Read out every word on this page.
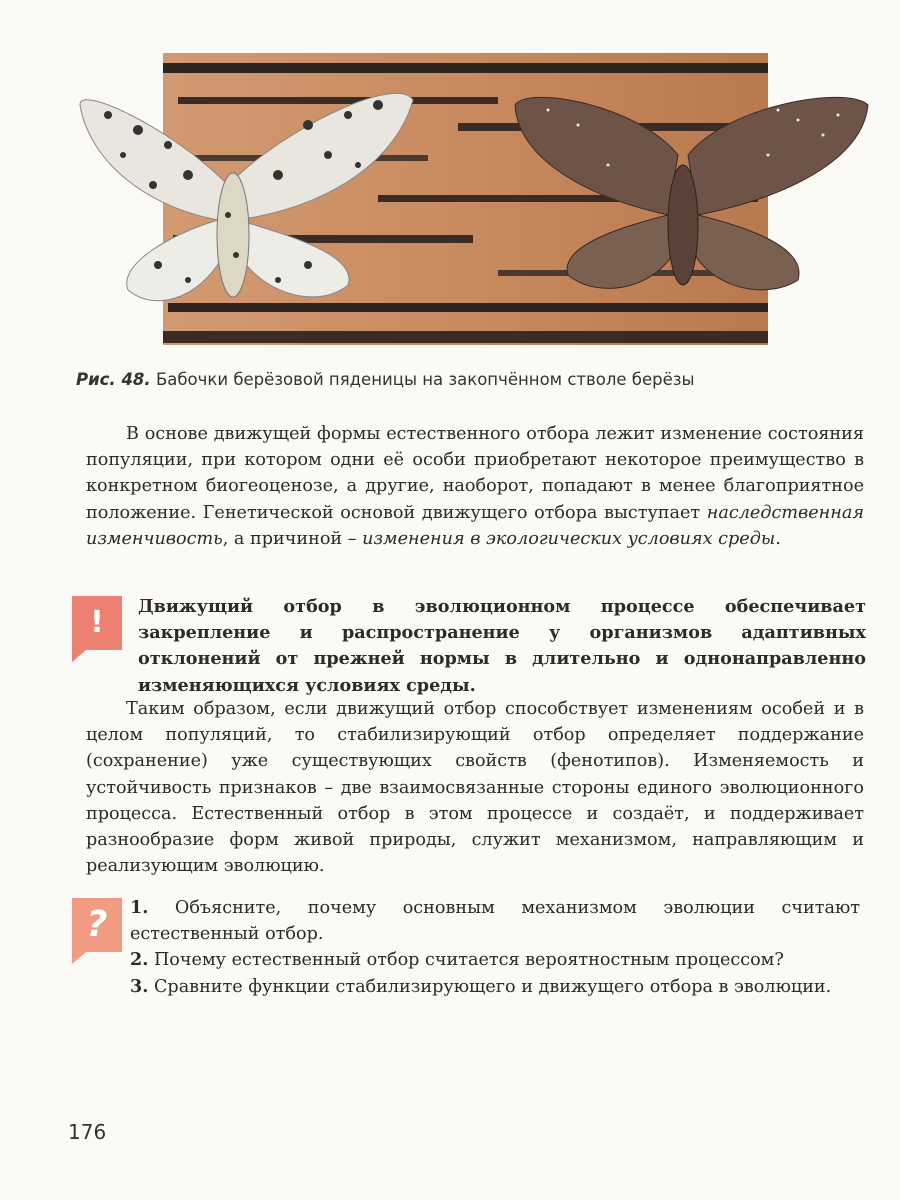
Рис. 48. Бабочки берёзовой пяденицы на закопчённом стволе берёзы
В основе движущей формы естественного отбора лежит изменение состояния популяции, при котором одни её особи приобретают некоторое преимущество в конкретном биогеоценозе, а другие, наоборот, попадают в менее благоприятное положение. Генетической основой движущего отбора выступает наследственная изменчивость, а причиной – изменения в экологических условиях среды.
!	Движущий отбор в эволюционном процессе обеспечивает закрепление и распространение у организмов адаптивных отклонений от прежней нормы в длительно и однонаправленно изменяющихся условиях среды.
Таким образом, если движущий отбор способствует изменениям особей и в целом популяций, то стабилизирующий отбор определяет поддержание (сохранение) уже существующих свойств (фенотипов). Изменяемость и устойчивость признаков – две взаимосвязанные стороны единого эволюционного процесса. Естественный отбор в этом процессе и создаёт, и поддерживает разнообразие форм живой природы, служит механизмом, направляющим и реализующим эволюцию.
?	1. Объясните, почему основным механизмом эволюции считают естественный отбор.
2. Почему естественный отбор считается вероятностным процессом?
3. Сравните функции стабилизирующего и движущего отбора в эволюции.
176
